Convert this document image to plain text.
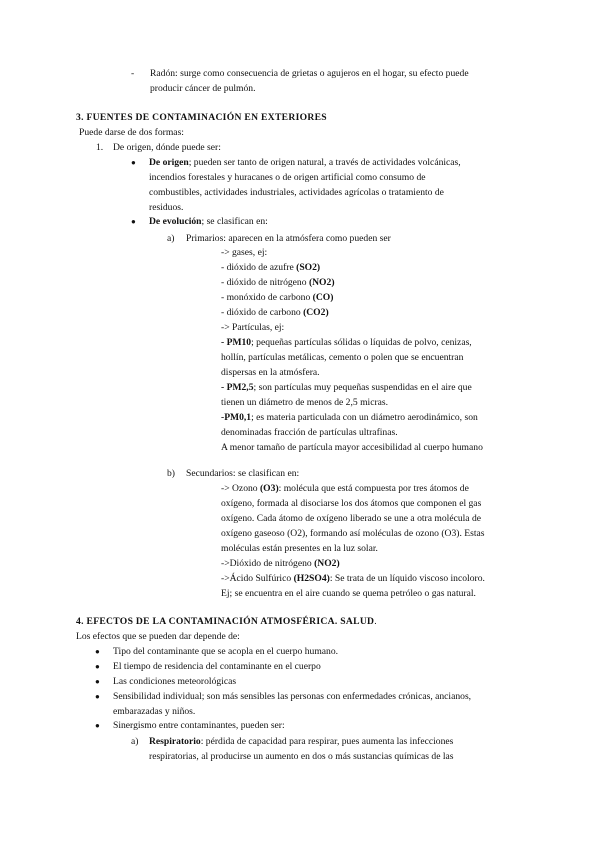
- Radón: surge como consecuencia de grietas o agujeros en el hogar, su efecto puede
producir cáncer de pulmón.
3. FUENTES DE CONTAMINACIÓN EN EXTERIORES
Puede darse de dos formas:
1. De origen, dónde puede ser:
● De origen; pueden ser tanto de origen natural, a través de actividades volcánicas,
incendios forestales y huracanes o de origen artificial como consumo de
combustibles, actividades industriales, actividades agrícolas o tratamiento de
residuos.
● De evolución; se clasifican en:
a) Primarios: aparecen en la atmósfera como pueden ser
-> gases, ej:
- dióxido de azufre (SO2)
- dióxido de nitrógeno (NO2)
- monóxido de carbono (CO)
- dióxido de carbono (CO2)
-> Partículas, ej:
- PM10; pequeñas partículas sólidas o líquidas de polvo, cenizas,
hollín, partículas metálicas, cemento o polen que se encuentran
dispersas en la atmósfera.
- PM2,5; son partículas muy pequeñas suspendidas en el aire que
tienen un diámetro de menos de 2,5 micras.
-PM0,1; es materia particulada con un diámetro aerodinámico, son
denominadas fracción de partículas ultrafinas.
A menor tamaño de partícula mayor accesibilidad al cuerpo humano
b) Secundarios: se clasifican en:
-> Ozono (O3): molécula que está compuesta por tres átomos de
oxígeno, formada al disociarse los dos átomos que componen el gas
oxígeno. Cada átomo de oxígeno liberado se une a otra molécula de
oxígeno gaseoso (O2), formando así moléculas de ozono (O3). Estas
moléculas están presentes en la luz solar.
->Dióxido de nitrógeno (NO2)
->Ácido Sulfúrico (H2SO4): Se trata de un líquido viscoso incoloro.
Ej; se encuentra en el aire cuando se quema petróleo o gas natural.
4. EFECTOS DE LA CONTAMINACIÓN ATMOSFÉRICA. SALUD.
Los efectos que se pueden dar depende de:
● Tipo del contaminante que se acopla en el cuerpo humano.
● El tiempo de residencia del contaminante en el cuerpo
● Las condiciones meteorológicas
● Sensibilidad individual; son más sensibles las personas con enfermedades crónicas, ancianos,
embarazadas y niños.
● Sinergismo entre contaminantes, pueden ser:
a) Respiratorio: pérdida de capacidad para respirar, pues aumenta las infecciones
respiratorias, al producirse un aumento en dos o más sustancias químicas de las
